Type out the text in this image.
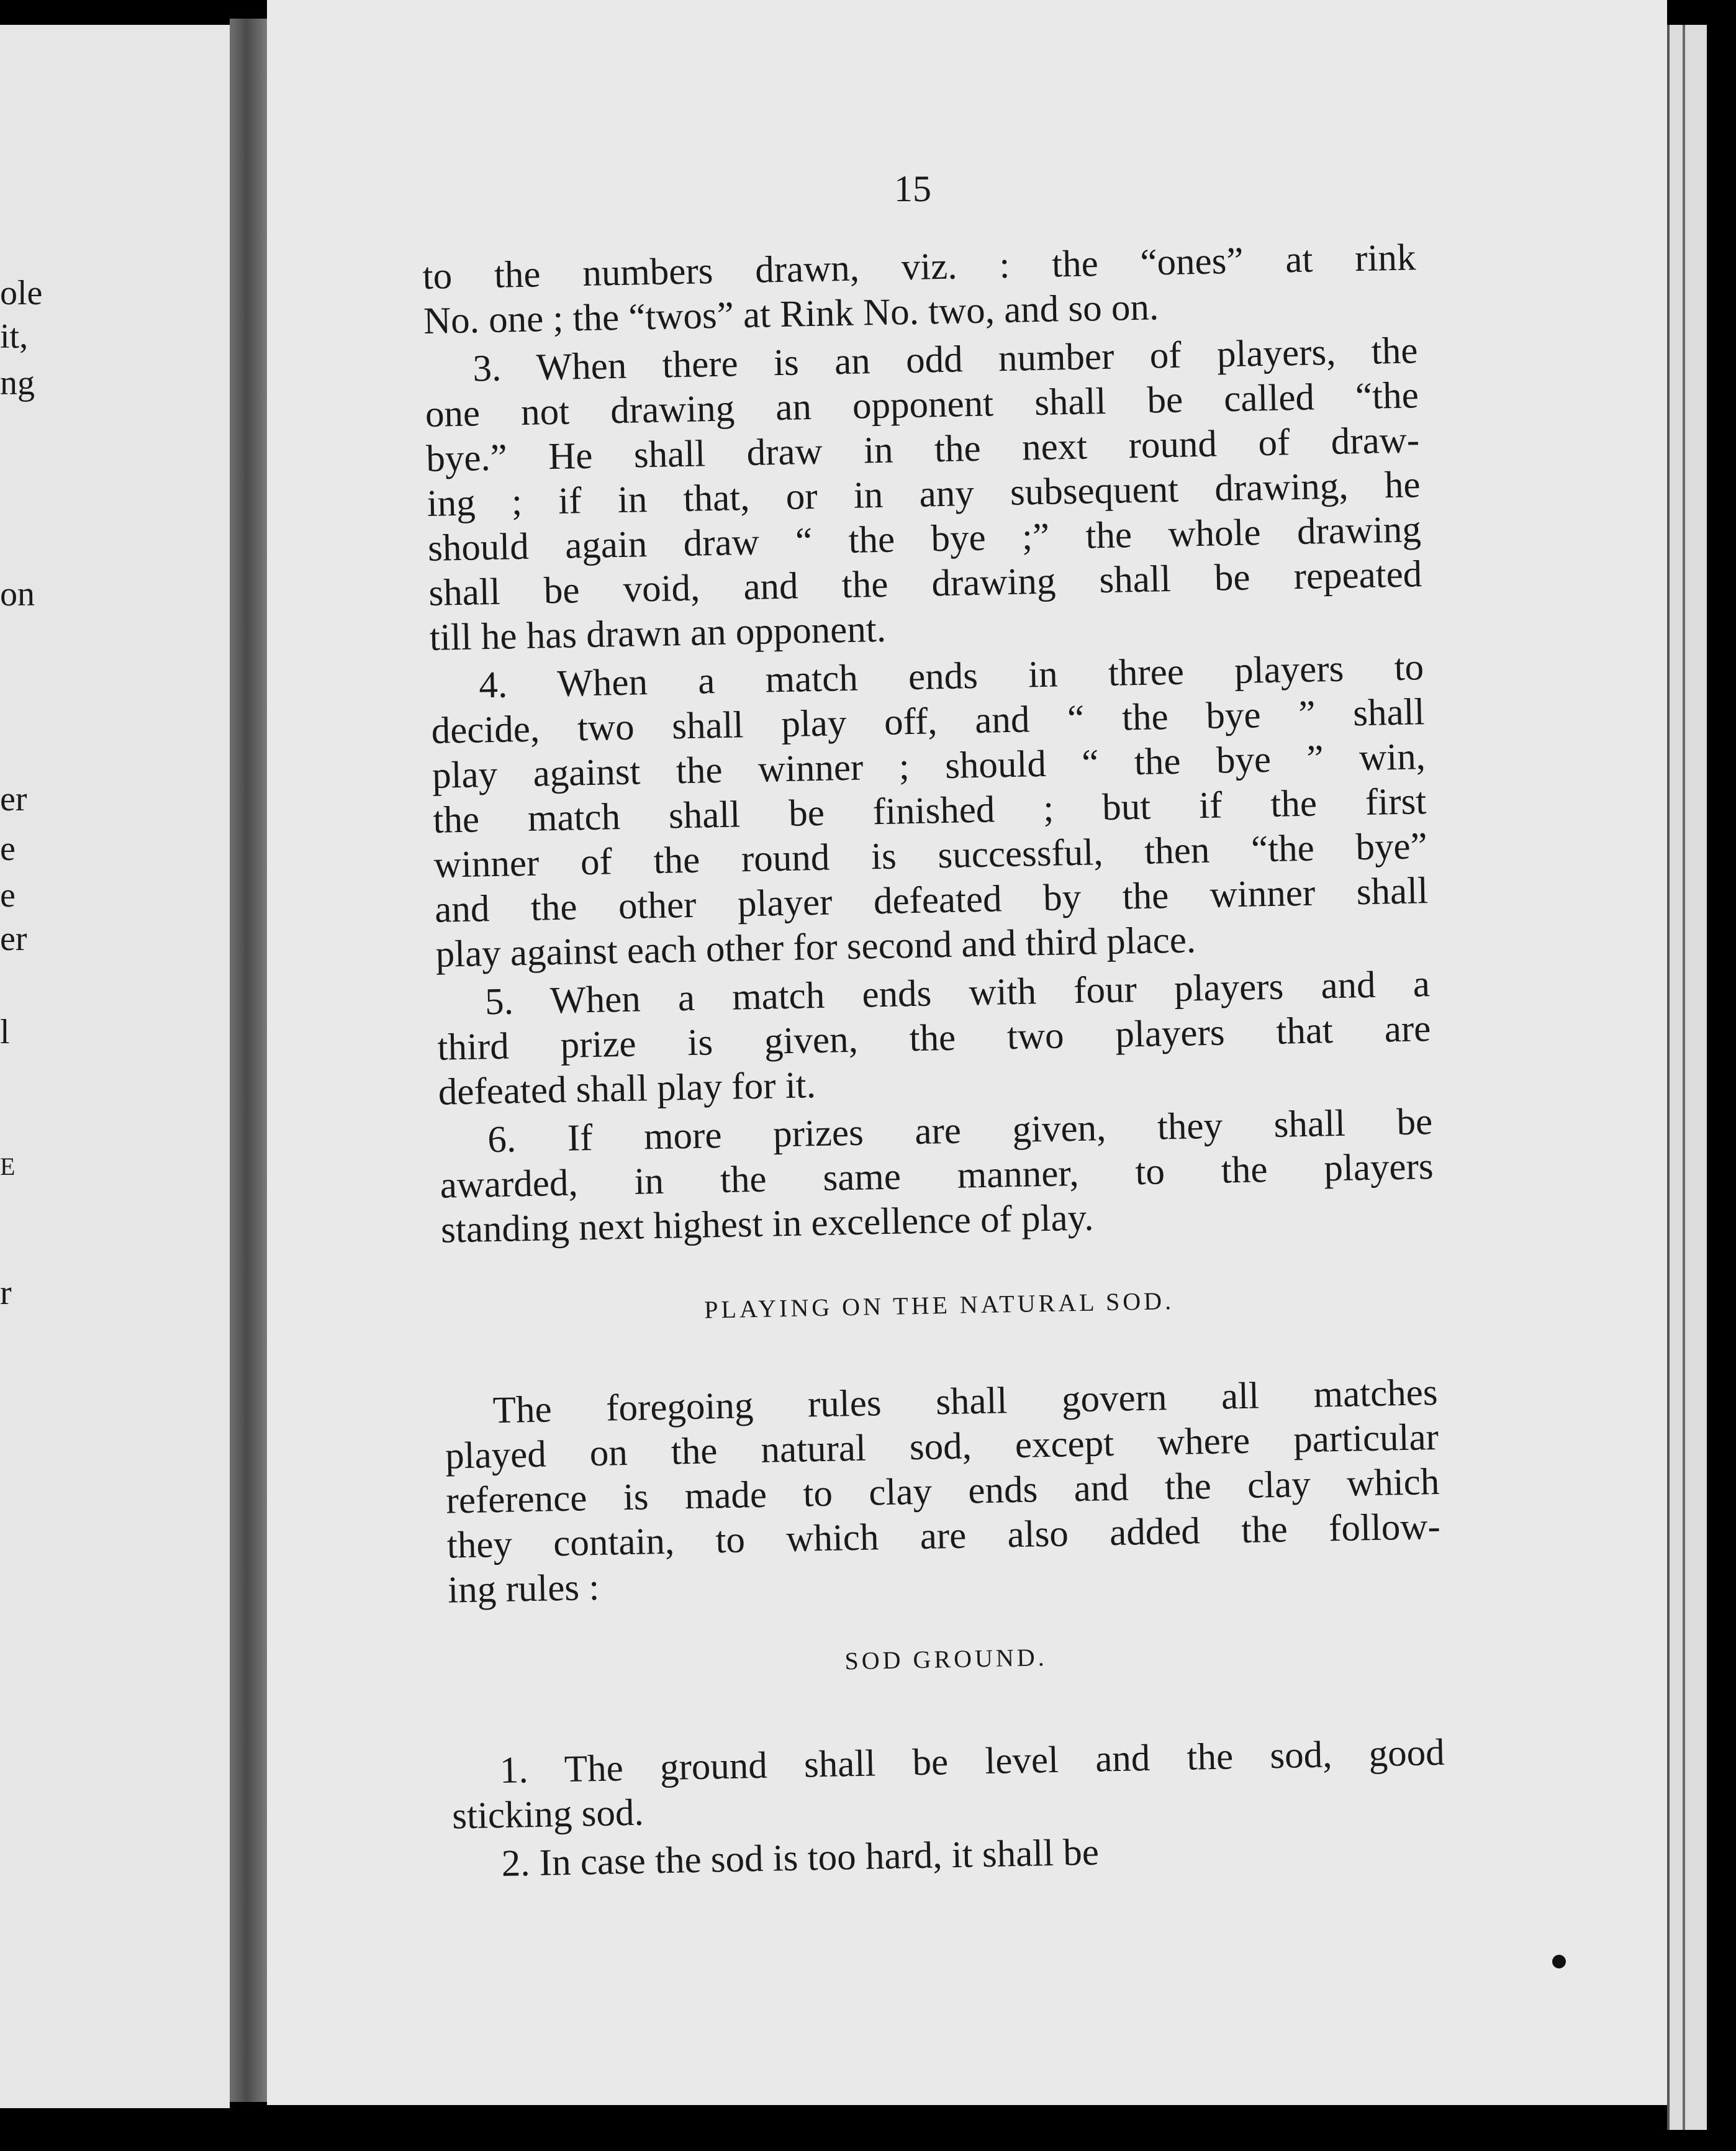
ole
it,
ng
on
er
e
e
er
l
E
r
15
to the numbers drawn, viz. : the “ones” at rink
No. one ; the “twos” at Rink No. two, and so on.
3. When there is an odd number of players, the
one not drawing an opponent shall be called “the
bye.” He shall draw in the next round of draw-
ing ; if in that, or in any subsequent drawing, he
should again draw “ the bye ;” the whole drawing
shall be void, and the drawing shall be repeated
till he has drawn an opponent.
4. When a match ends in three players to
decide, two shall play off, and “ the bye ” shall
play against the winner ; should “ the bye ” win,
the match shall be finished ; but if the first
winner of the round is successful, then “the bye”
and the other player defeated by the winner shall
play against each other for second and third place.
5. When a match ends with four players and a
third prize is given, the two players that are
defeated shall play for it.
6. If more prizes are given, they shall be
awarded, in the same manner, to the players
standing next highest in excellence of play.
PLAYING ON THE NATURAL SOD.
The foregoing rules shall govern all matches
played on the natural sod, except where particular
reference is made to clay ends and the clay which
they contain, to which are also added the follow-
ing rules :
SOD GROUND.
1. The ground shall be level and the sod, good
sticking sod.
2. In case the sod is too hard, it shall be
